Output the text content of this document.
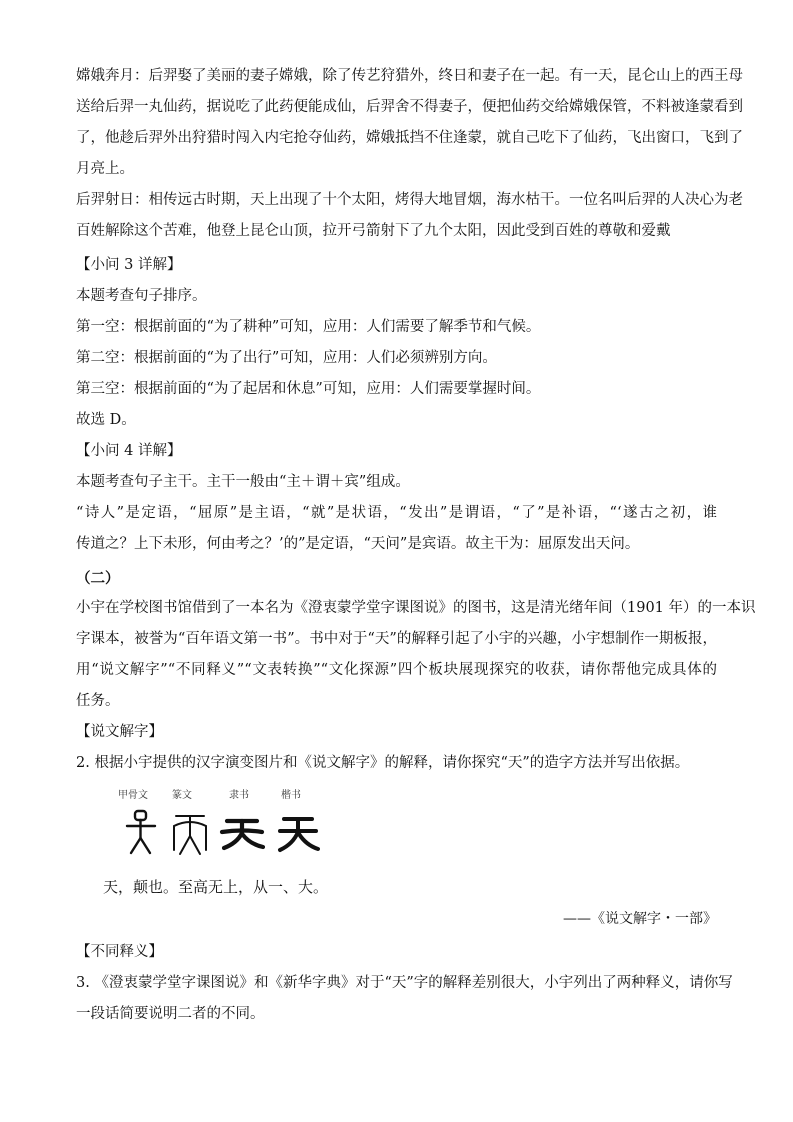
嫦娥奔月：后羿娶了美丽的妻子嫦娥，除了传艺狩猎外，终日和妻子在一起。有一天，昆仑山上的西王母
送给后羿一丸仙药，据说吃了此药便能成仙，后羿舍不得妻子，便把仙药交给嫦娥保管，不料被逢蒙看到
了，他趁后羿外出狩猎时闯入内宅抢夺仙药，嫦娥抵挡不住逢蒙，就自己吃下了仙药，飞出窗口，飞到了
月亮上。
后羿射日：相传远古时期，天上出现了十个太阳，烤得大地冒烟，海水枯干。一位名叫后羿的人决心为老
百姓解除这个苦难，他登上昆仑山顶，拉开弓箭射下了九个太阳，因此受到百姓的尊敬和爱戴
【小问 3 详解】
本题考查句子排序。
第一空：根据前面的“为了耕种”可知，应用：人们需要了解季节和气候。
第二空：根据前面的“为了出行”可知，应用：人们必须辨别方向。
第三空：根据前面的“为了起居和休息”可知，应用：人们需要掌握时间。
故选 D。
【小问 4 详解】
本题考查句子主干。主干一般由“主＋谓＋宾”组成。
“诗人”是定语，“屈原”是主语，“就”是状语，“发出”是谓语，“了”是补语，“‘遂古之初，谁
传道之？上下未形，何由考之？’的”是定语，“天问”是宾语。故主干为：屈原发出天问。
（二）
小宇在学校图书馆借到了一本名为《澄衷蒙学堂字课图说》的图书，这是清光绪年间（1901 年）的一本识
字课本，被誉为“百年语文第一书”。书中对于“天”的解释引起了小宇的兴趣，小宇想制作一期板报，
用“说文解字”“不同释义”“文表转换”“文化探源”四个板块展现探究的收获，请你帮他完成具体的
任务。
【说文解字】
2. 根据小宇提供的汉字演变图片和《说文解字》的解释，请你探究“天”的造字方法并写出依据。
甲骨文 篆文	隶书	楷书
天，颠也。至高无上，从一、大。
——《说文解字・一部》
【不同释义】
3. 《澄衷蒙学堂字课图说》和《新华字典》对于“天”字的解释差别很大，小宇列出了两种释义，请你写
一段话简要说明二者的不同。
